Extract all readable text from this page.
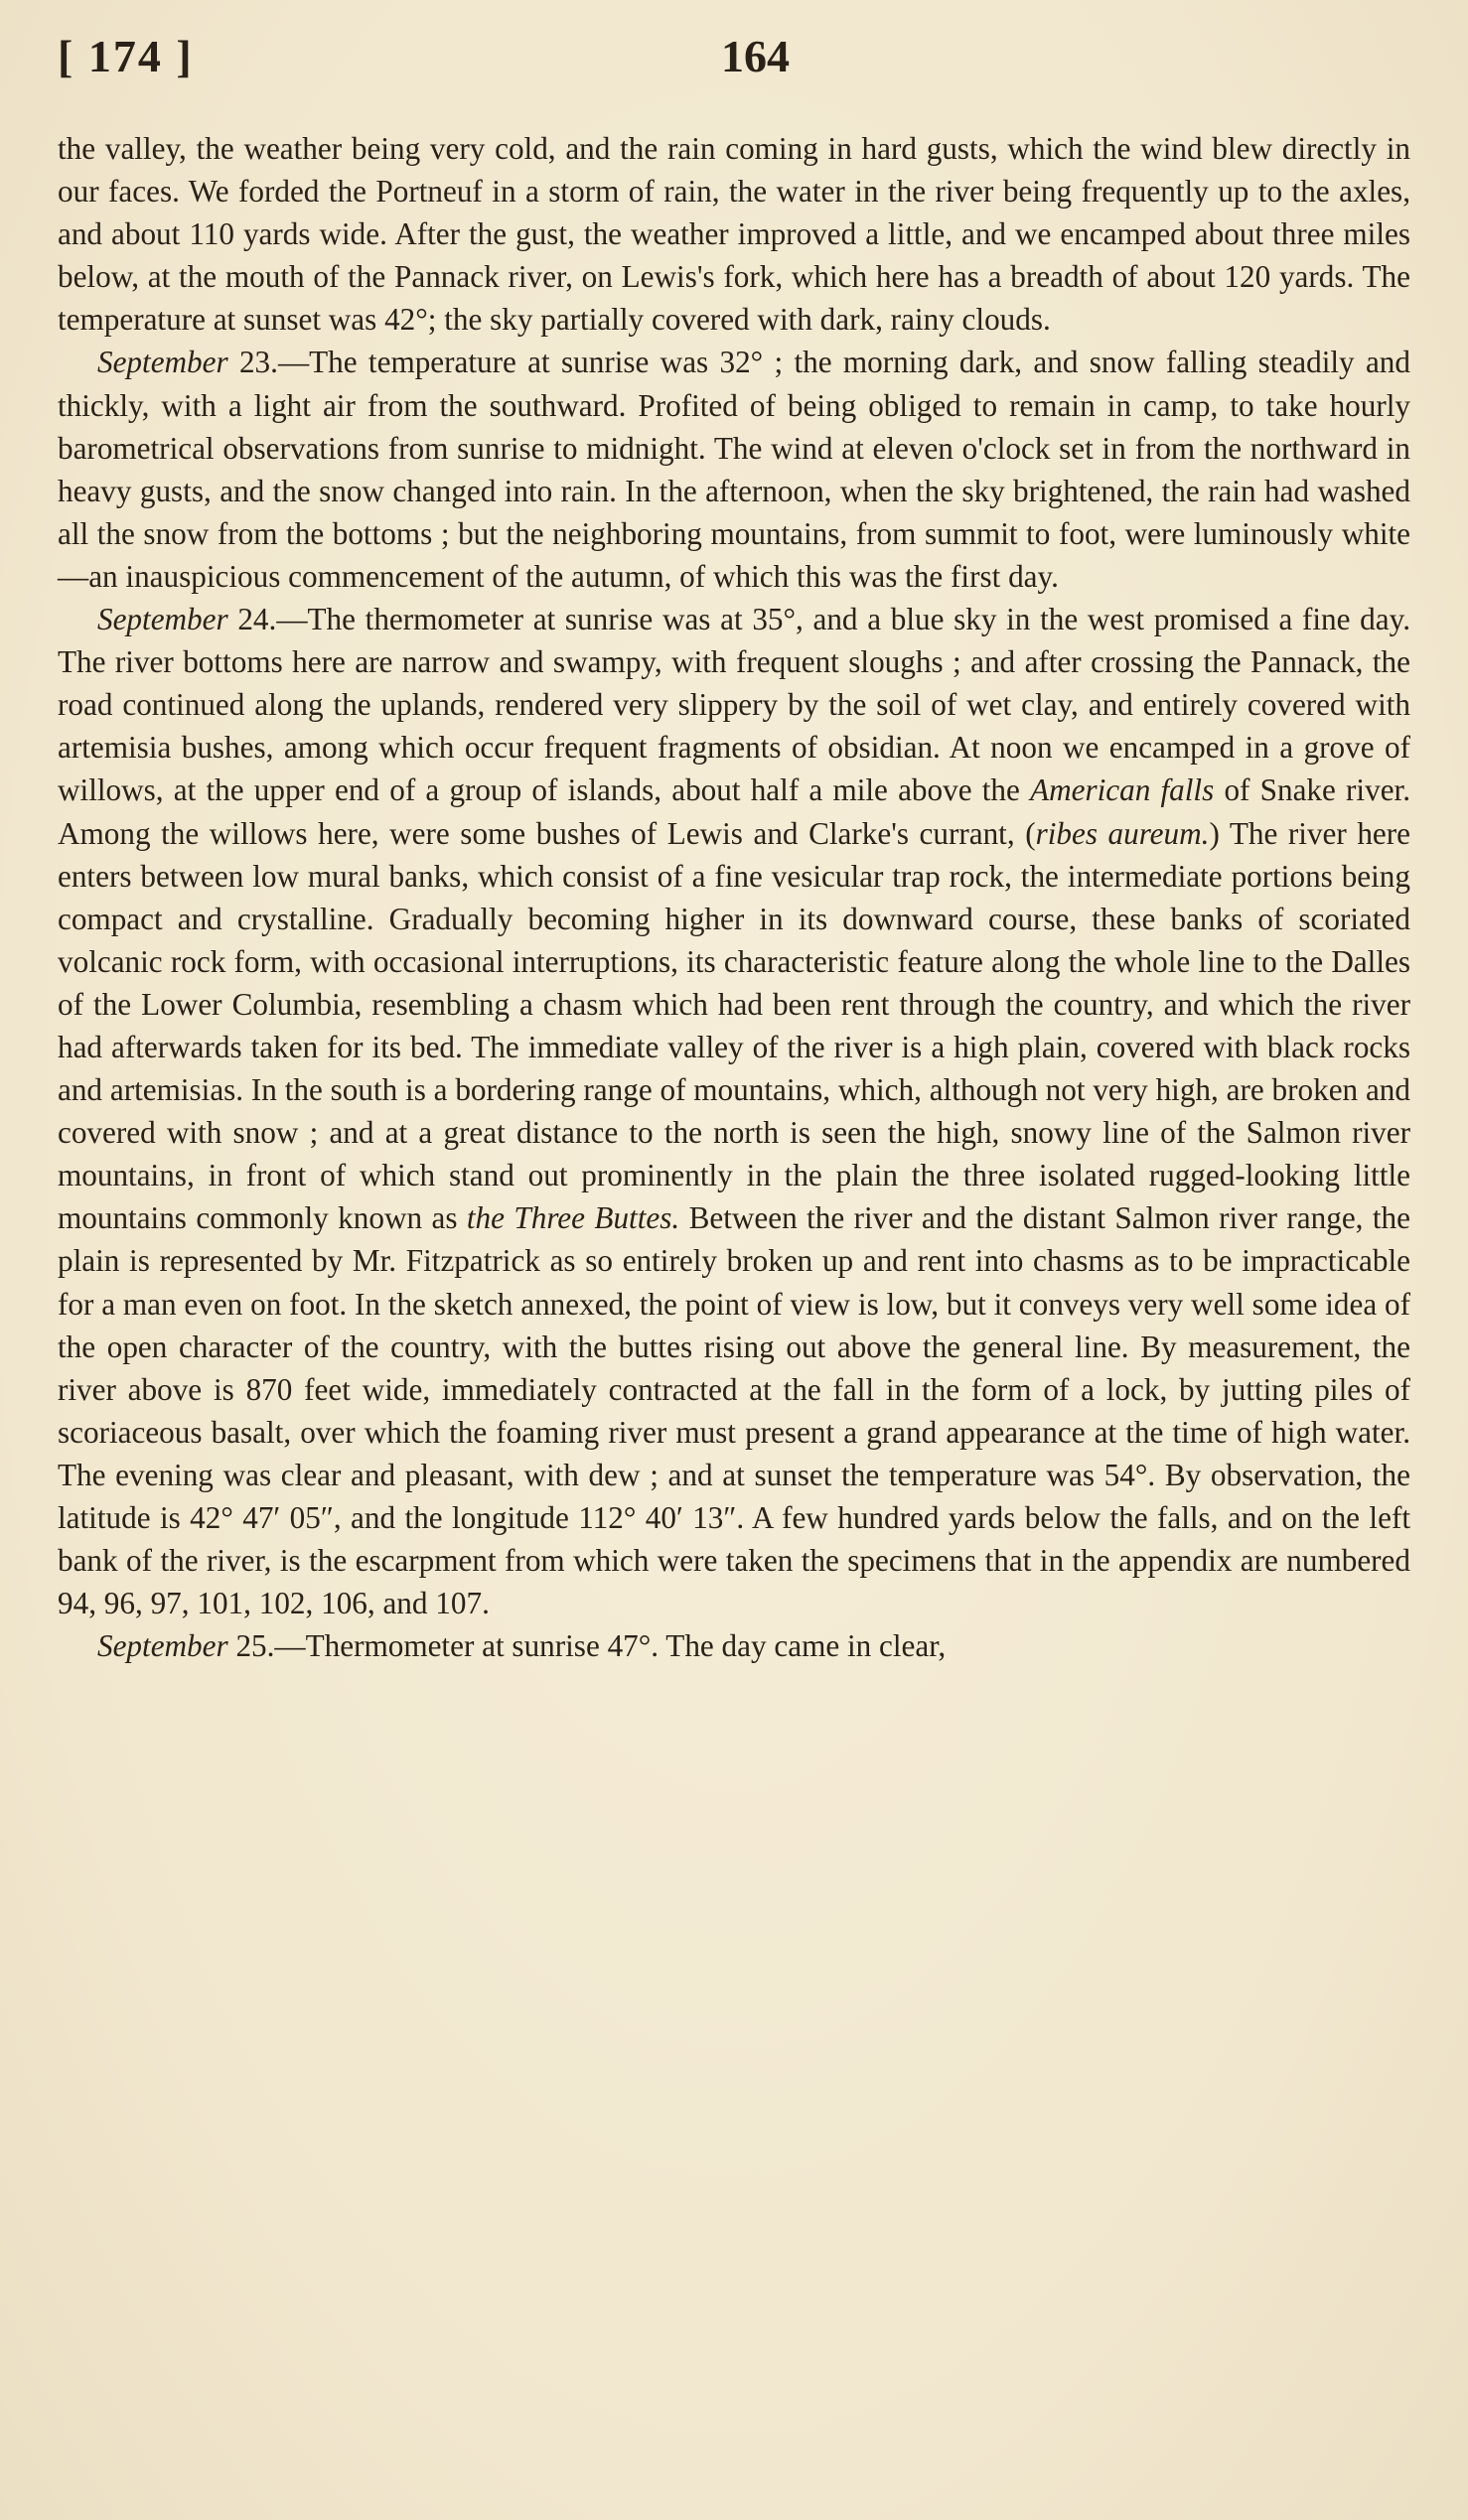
[ 174 ]	164

the valley, the weather being very cold, and the rain coming in hard gusts, which the wind blew directly in our faces. We forded the Portneuf in a storm of rain, the water in the river being frequently up to the axles, and about 110 yards wide. After the gust, the weather improved a little, and we encamped about three miles below, at the mouth of the Pannack river, on Lewis's fork, which here has a breadth of about 120 yards. The temperature at sunset was 42°; the sky partially covered with dark, rainy clouds.

September 23.—The temperature at sunrise was 32° ; the morning dark, and snow falling steadily and thickly, with a light air from the southward. Profited of being obliged to remain in camp, to take hourly barometrical observations from sunrise to midnight. The wind at eleven o'clock set in from the northward in heavy gusts, and the snow changed into rain. In the afternoon, when the sky brightened, the rain had washed all the snow from the bottoms ; but the neighboring mountains, from summit to foot, were luminously white—an inauspicious commencement of the autumn, of which this was the first day.

September 24.—The thermometer at sunrise was at 35°, and a blue sky in the west promised a fine day. The river bottoms here are narrow and swampy, with frequent sloughs ; and after crossing the Pannack, the road continued along the uplands, rendered very slippery by the soil of wet clay, and entirely covered with artemisia bushes, among which occur frequent fragments of obsidian. At noon we encamped in a grove of willows, at the upper end of a group of islands, about half a mile above the American falls of Snake river. Among the willows here, were some bushes of Lewis and Clarke's currant, (ribes aureum.) The river here enters between low mural banks, which consist of a fine vesicular trap rock, the intermediate portions being compact and crystalline. Gradually becoming higher in its downward course, these banks of scoriated volcanic rock form, with occasional interruptions, its characteristic feature along the whole line to the Dalles of the Lower Columbia, resembling a chasm which had been rent through the country, and which the river had afterwards taken for its bed. The immediate valley of the river is a high plain, covered with black rocks and artemisias. In the south is a bordering range of mountains, which, although not very high, are broken and covered with snow ; and at a great distance to the north is seen the high, snowy line of the Salmon river mountains, in front of which stand out prominently in the plain the three isolated rugged-looking little mountains commonly known as the Three Buttes. Between the river and the distant Salmon river range, the plain is represented by Mr. Fitzpatrick as so entirely broken up and rent into chasms as to be impracticable for a man even on foot. In the sketch annexed, the point of view is low, but it conveys very well some idea of the open character of the country, with the buttes rising out above the general line. By measurement, the river above is 870 feet wide, immediately contracted at the fall in the form of a lock, by jutting piles of scoriaceous basalt, over which the foaming river must present a grand appearance at the time of high water. The evening was clear and pleasant, with dew ; and at sunset the temperature was 54°. By observation, the latitude is 42° 47′ 05″, and the longitude 112° 40′ 13″. A few hundred yards below the falls, and on the left bank of the river, is the escarpment from which were taken the specimens that in the appendix are numbered 94, 96, 97, 101, 102, 106, and 107.

September 25.—Thermometer at sunrise 47°. The day came in clear,
